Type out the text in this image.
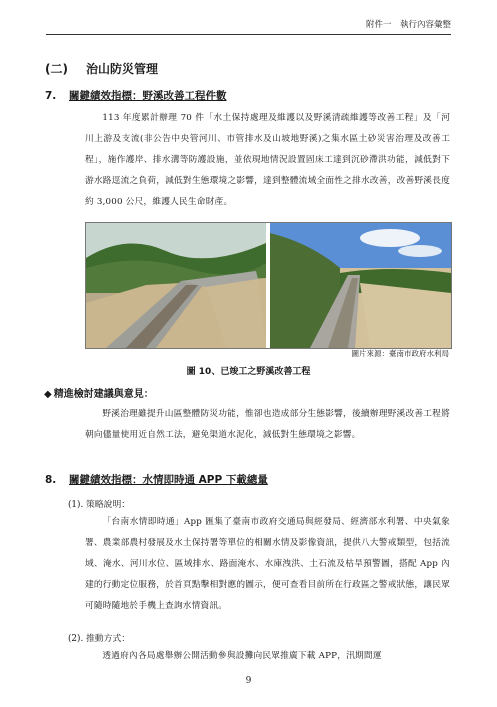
附件一　執行內容彙整
(二) 治山防災管理
7. 關鍵績效指標：野溪改善工程件數

113 年度累計辦理 70 件「水土保持處理及維護以及野溪清疏維護等改善工程」及「河川上游及支流(非公告中央管河川、市管排水及山坡地野溪)之集水區土砂災害治理及改善工程」，施作護岸、排水溝等防護設施，並依現地情況設置固床工達到沉砂滯洪功能，減低對下游水路逕流之負荷，減低對生態環境之影響，達到整體流域全面性之排水改善，改善野溪長度約 3,000 公尺，維護人民生命財產。

圖片來源：臺南市政府水利局
圖 10、已竣工之野溪改善工程
◆ 精進檢討建議與意見：

野溪治理雖提升山區整體防災功能，惟卻也造成部分生態影響，後續辦理野溪改善工程將朝向儘量使用近自然工法，避免渠道水泥化，減低對生態環境之影響。

8. 關鍵績效指標：水情即時通 APP 下載總量
(1). 策略說明：

「台南水情即時通」App 匯集了臺南市政府交通局與經發局、經濟部水利署、中央氣象署、農業部農村發展及水土保持署等單位的相關水情及影像資訊，提供八大警戒類型，包括流域、淹水、河川水位、區域排水、路面淹水、水庫洩洪、土石流及枯旱預警圖，搭配 App 內建的行動定位服務，於首頁點擊相對應的圖示，便可查看目前所在行政區之警戒狀態，讓民眾可隨時隨地於手機上查詢水情資訊。

(2). 推動方式：

透過府內各局處舉辦公開活動參與設攤向民眾推廣下載 APP，汛期間運

9
